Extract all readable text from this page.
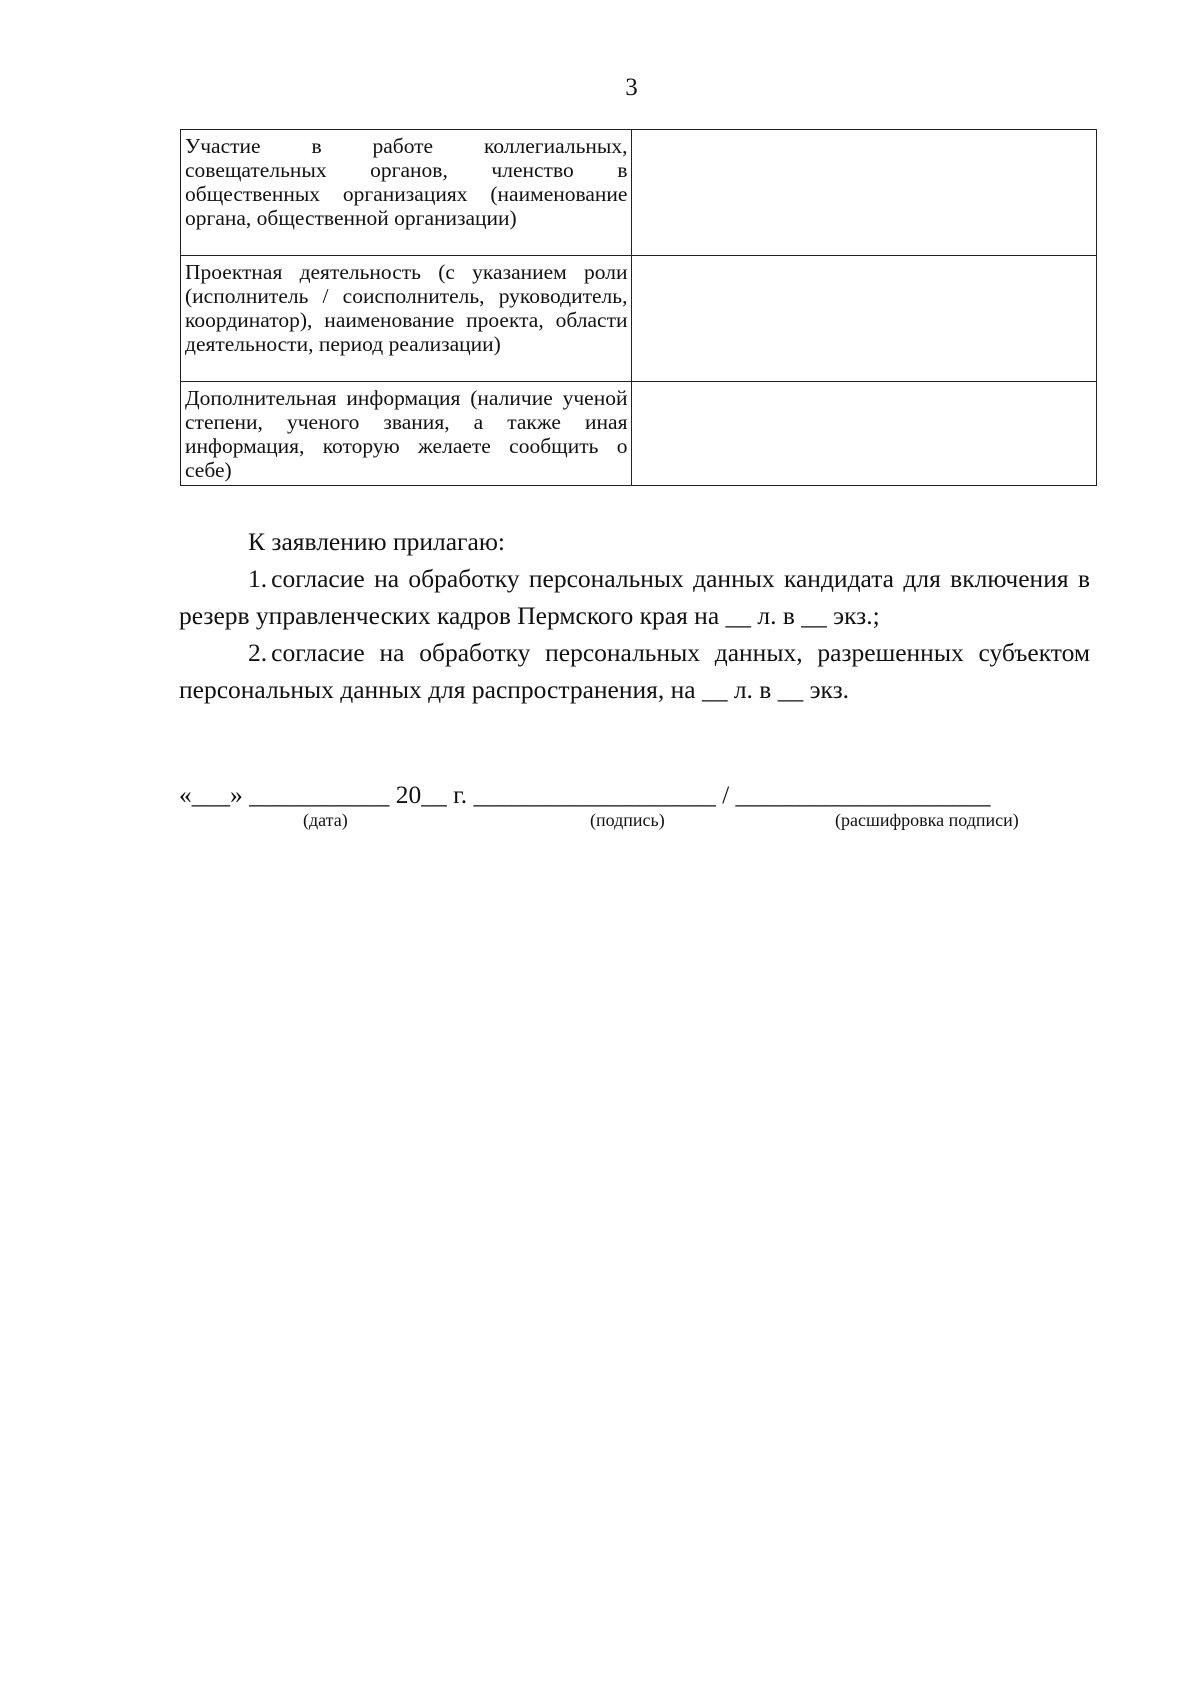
3
Участие в работе коллегиальных, совещательных органов, членство в общественных организациях (наименование органа, общественной организации)	
Проектная деятельность (с указанием роли (исполнитель / соисполнитель, руководитель, координатор), наименование проекта, области деятельности, период реализации)	
Дополнительная информация (наличие ученой степени, ученого звания, а также иная информация, которую желаете сообщить о себе)	

К заявлению прилагаю:

1. согласие на обработку персональных данных кандидата для включения в резерв управленческих кадров Пермского края на __ л. в __ экз.;

2. согласие на обработку персональных данных, разрешенных субъектом персональных данных для распространения, на __ л. в __ экз.

«___» ___________ 20__ г. ___________________ / ____________________
(дата)	(подпись)	(расшифровка подписи)
